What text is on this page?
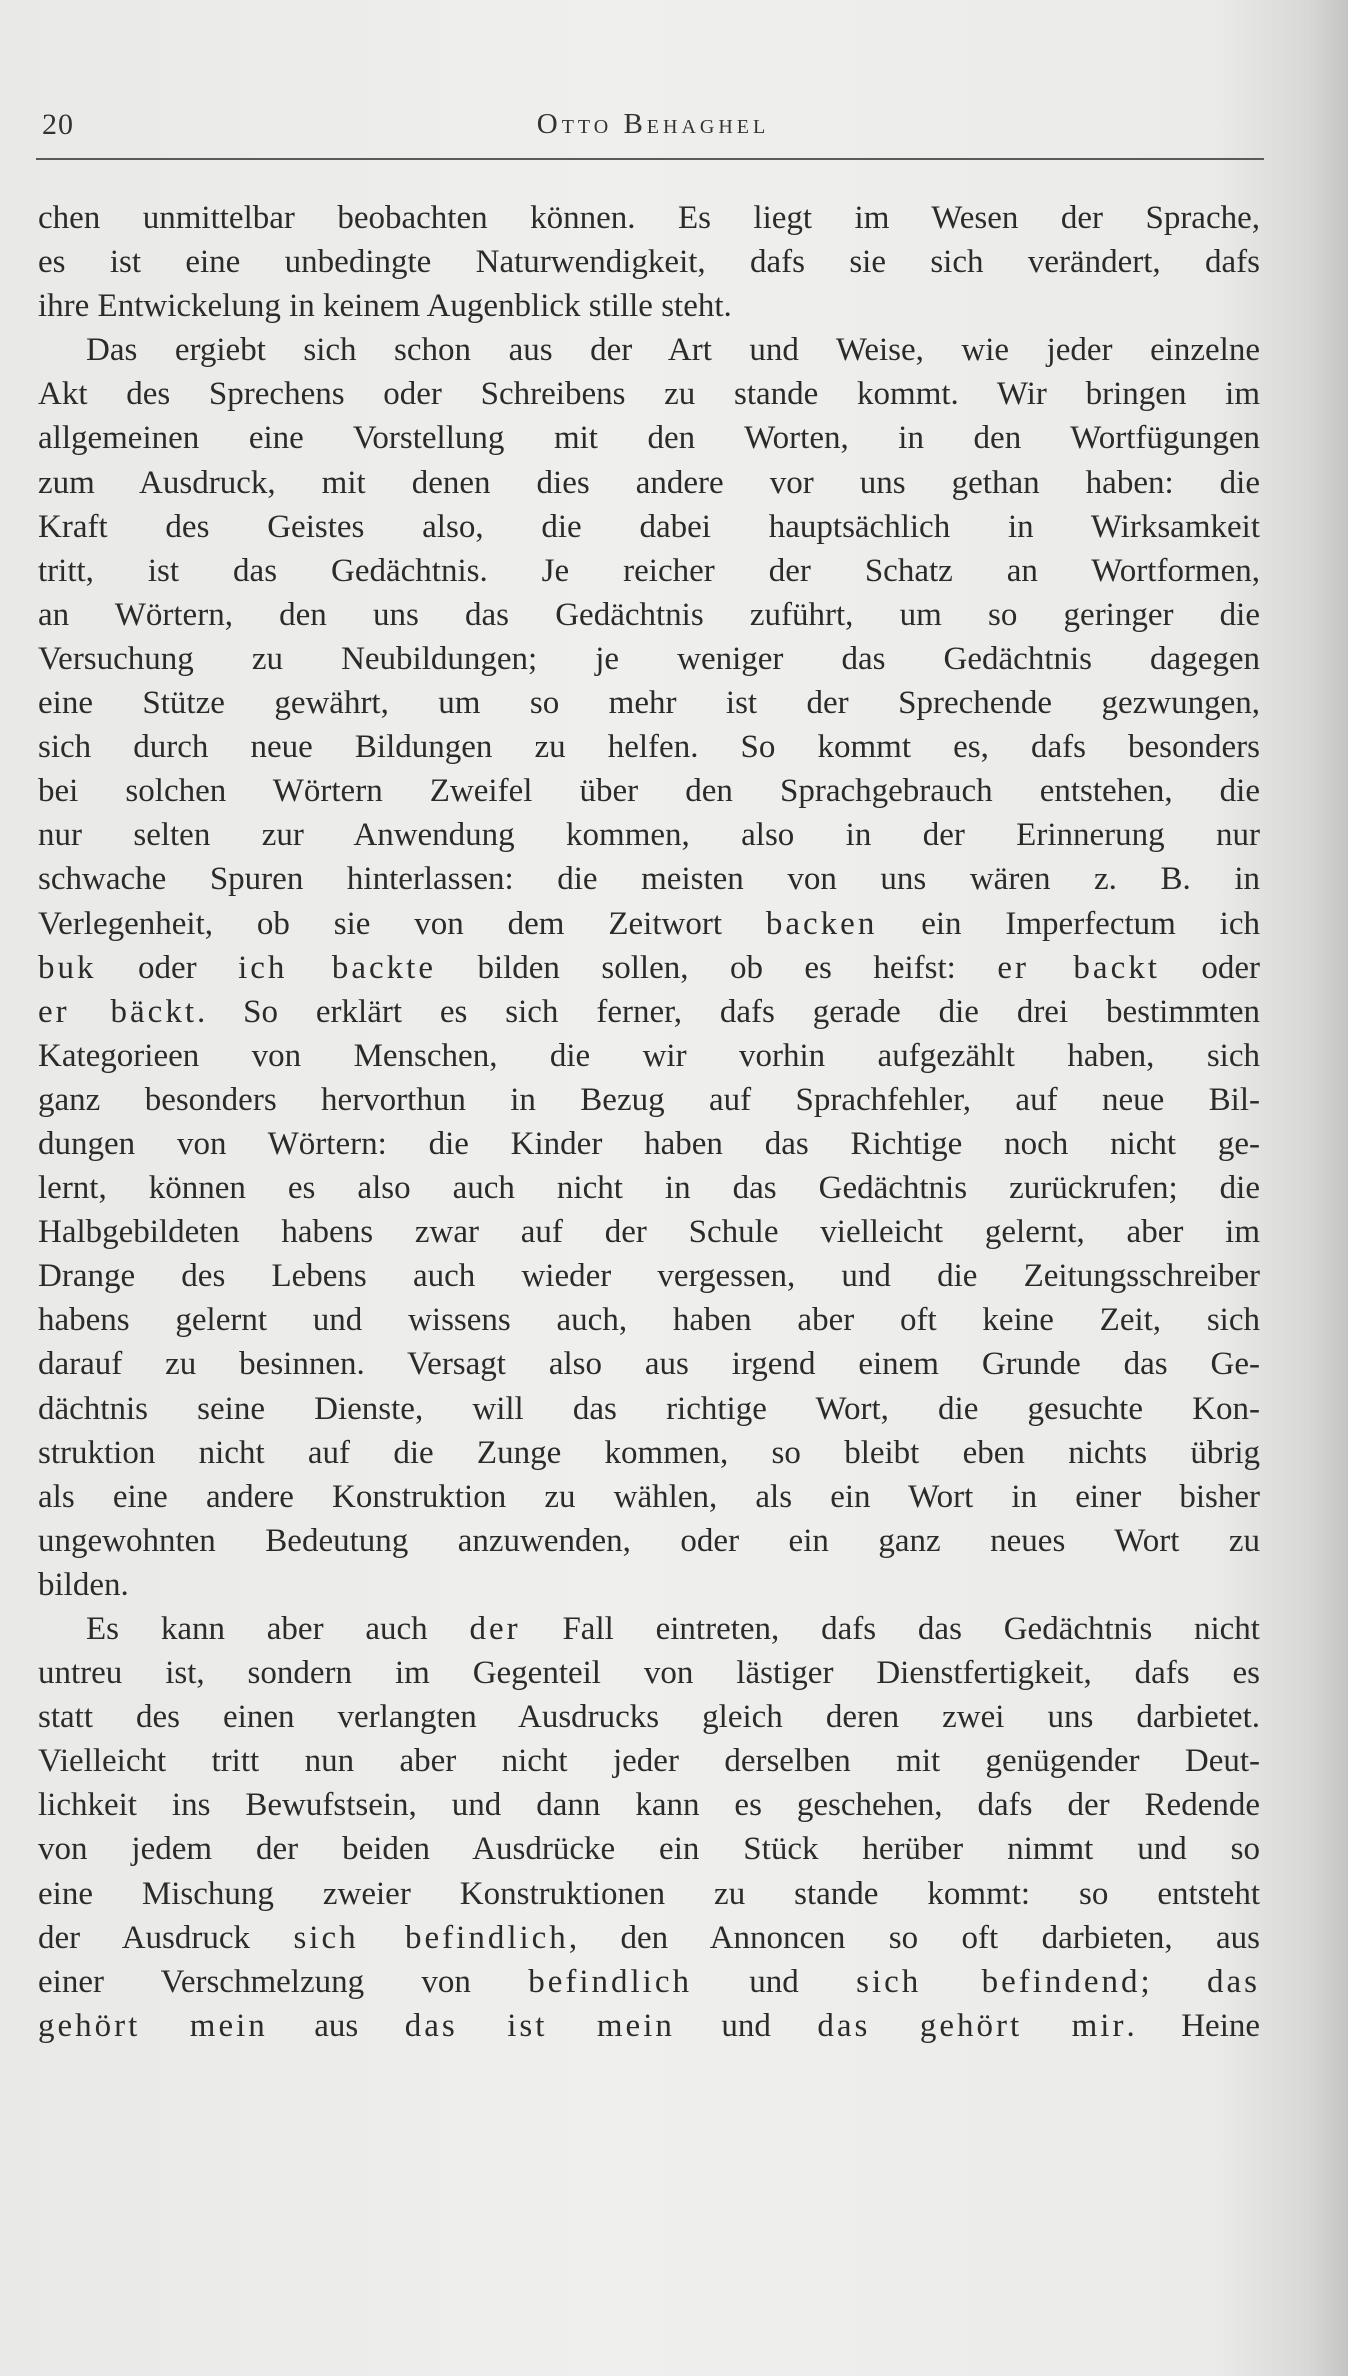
20	Otto Behaghel
chen unmittelbar beobachten können. Es liegt im Wesen der Sprache,
es ist eine unbedingte Naturwendigkeit, dafs sie sich verändert, dafs
ihre Entwickelung in keinem Augenblick stille steht.
Das ergiebt sich schon aus der Art und Weise, wie jeder einzelne
Akt des Sprechens oder Schreibens zu stande kommt. Wir bringen im
allgemeinen eine Vorstellung mit den Worten, in den Wortfügungen
zum Ausdruck, mit denen dies andere vor uns gethan haben: die
Kraft des Geistes also, die dabei hauptsächlich in Wirksamkeit
tritt, ist das Gedächtnis. Je reicher der Schatz an Wortformen,
an Wörtern, den uns das Gedächtnis zuführt, um so geringer die
Versuchung zu Neubildungen; je weniger das Gedächtnis dagegen
eine Stütze gewährt, um so mehr ist der Sprechende gezwungen,
sich durch neue Bildungen zu helfen. So kommt es, dafs besonders
bei solchen Wörtern Zweifel über den Sprachgebrauch entstehen, die
nur selten zur Anwendung kommen, also in der Erinnerung nur
schwache Spuren hinterlassen: die meisten von uns wären z. B. in
Verlegenheit, ob sie von dem Zeitwort backen ein Imperfectum ich
buk oder ich backte bilden sollen, ob es heifst: er backt oder
er bäckt. So erklärt es sich ferner, dafs gerade die drei bestimmten
Kategorieen von Menschen, die wir vorhin aufgezählt haben, sich
ganz besonders hervorthun in Bezug auf Sprachfehler, auf neue Bil-
dungen von Wörtern: die Kinder haben das Richtige noch nicht ge-
lernt, können es also auch nicht in das Gedächtnis zurückrufen; die
Halbgebildeten habens zwar auf der Schule vielleicht gelernt, aber im
Drange des Lebens auch wieder vergessen, und die Zeitungsschreiber
habens gelernt und wissens auch, haben aber oft keine Zeit, sich
darauf zu besinnen. Versagt also aus irgend einem Grunde das Ge-
dächtnis seine Dienste, will das richtige Wort, die gesuchte Kon-
struktion nicht auf die Zunge kommen, so bleibt eben nichts übrig
als eine andere Konstruktion zu wählen, als ein Wort in einer bisher
ungewohnten Bedeutung anzuwenden, oder ein ganz neues Wort zu
bilden.
Es kann aber auch der Fall eintreten, dafs das Gedächtnis nicht
untreu ist, sondern im Gegenteil von lästiger Dienstfertigkeit, dafs es
statt des einen verlangten Ausdrucks gleich deren zwei uns darbietet.
Vielleicht tritt nun aber nicht jeder derselben mit genügender Deut-
lichkeit ins Bewufstsein, und dann kann es geschehen, dafs der Redende
von jedem der beiden Ausdrücke ein Stück herüber nimmt und so
eine Mischung zweier Konstruktionen zu stande kommt: so entsteht
der Ausdruck sich befindlich, den Annoncen so oft darbieten, aus
einer Verschmelzung von befindlich und sich befindend; das
gehört mein aus das ist mein und das gehört mir. Heine
